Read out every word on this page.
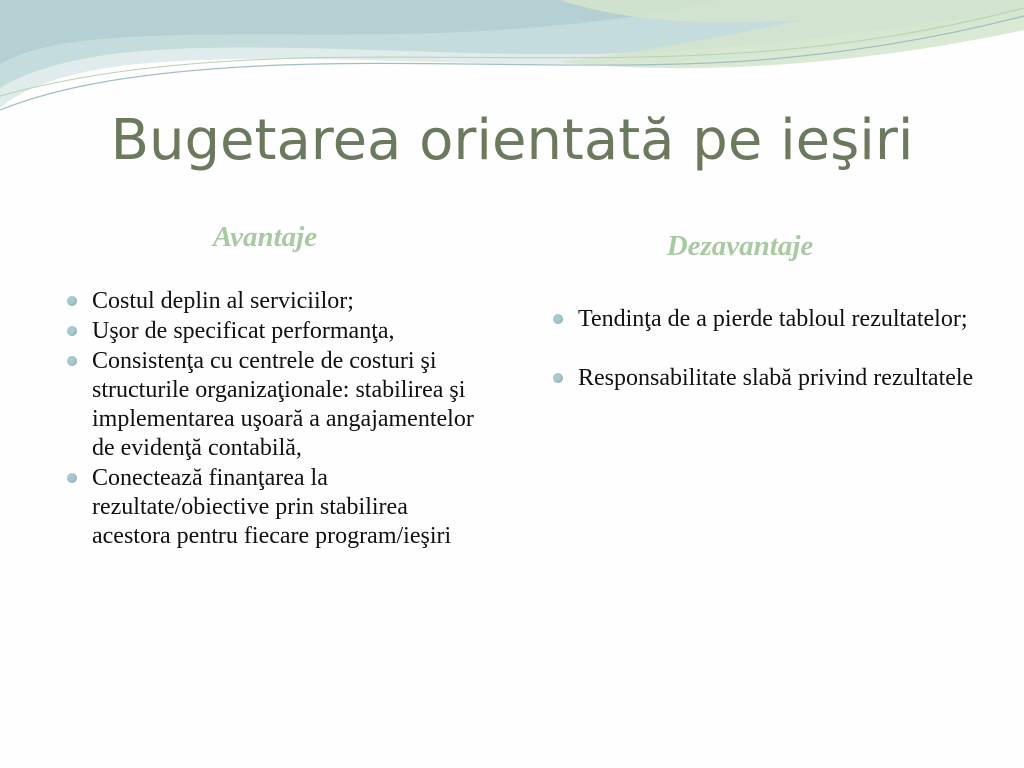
Bugetarea orientată pe ieşiri
Avantaje	Dezavantaje
Costul deplin al serviciilor;
Uşor de specificat performanţa,
Consistenţa cu centrele de costuri şi structurile organizaţionale: stabilirea şi implementarea uşoară a angajamentelor de evidenţă contabilă,
Conectează finanţarea la rezultate/obiective prin stabilirea acestora pentru fiecare program/ieşiri
Tendinţa de a pierde tabloul rezultatelor;
Responsabilitate slabă privind rezultatele
